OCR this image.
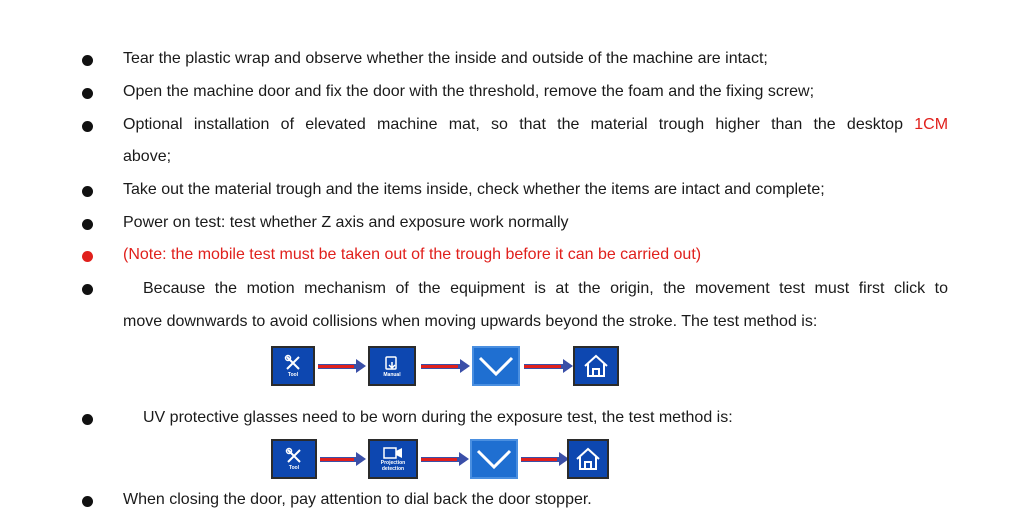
Tear the plastic wrap and observe whether the inside and outside of the machine are intact;
Open the machine door and fix the door with the threshold, remove the foam and the fixing screw;
Optional installation of elevated machine mat, so that the material trough higher than the desktop 1CM
above;
Take out the material trough and the items inside, check whether the items are intact and complete;
Power on test: test whether Z axis and exposure work normally
(Note: the mobile test must be taken out of the trough before it can be carried out)
Because the motion mechanism of the equipment is at the origin, the movement test must first click to
move downwards to avoid collisions when moving upwards beyond the stroke. The test method is:
Tool	Manual
UV protective glasses need to be worn during the exposure test, the test method is:
Tool
Projection detection
When closing the door, pay attention to dial back the door stopper.
